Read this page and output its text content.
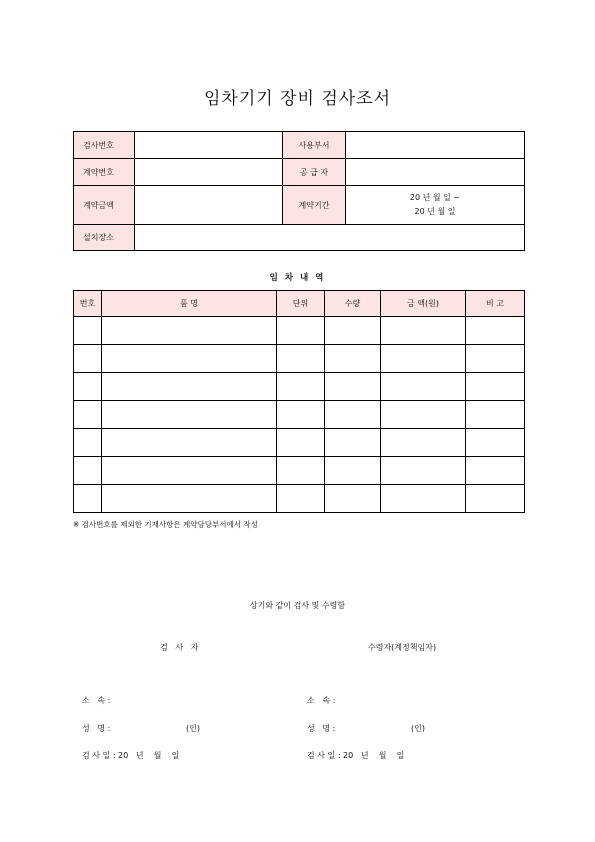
임차기기 장비 검사조서
검사번호		사용부서	
계약번호		공 급 자	
계약금액		계약기간	20 년 월 일 ~
20 년 월 일

설치장소			
임 차 내 역
번호	품 명	단위	수량	금 액(원)	비 고

※ 검사번호를 제외한 기재사항은 계약담당부서에서 작성
상기와 같이 검사 및 수령함
검   사   자	수령자(계정책임자)
소   속 :	소   속 :
성   명 :	(인)	성   명 :	(인)
검 사 일 : 20   년    월    일	검 사 일 : 20   년    월    일
